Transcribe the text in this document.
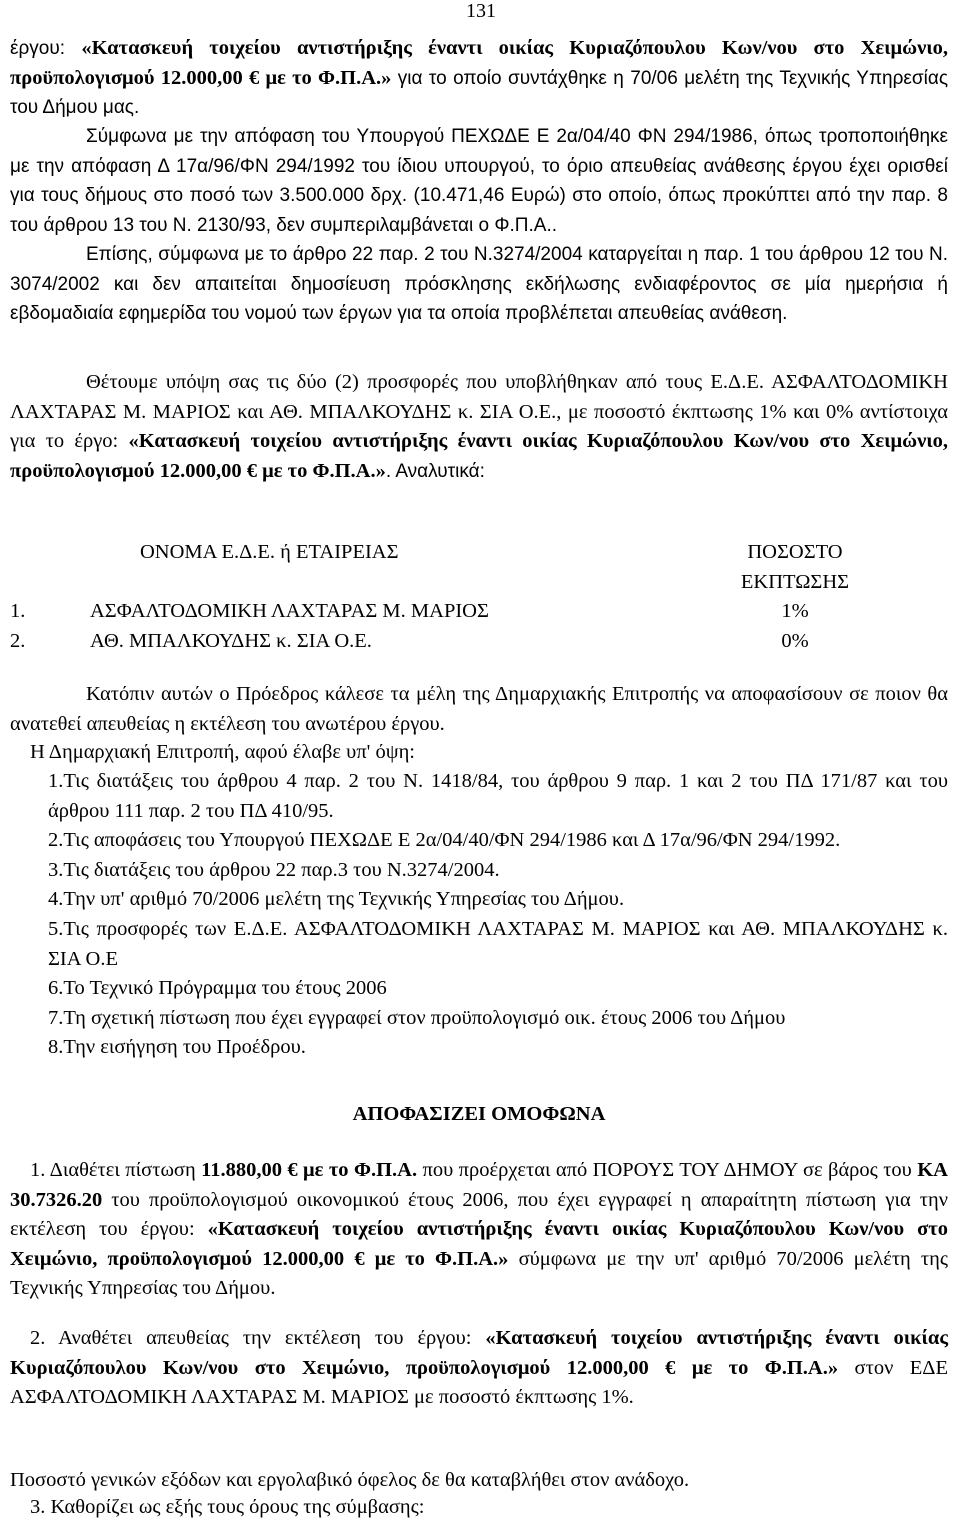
131
έργου: «Κατασκευή τοιχείου αντιστήριξης έναντι οικίας Κυριαζόπουλου Κων/νου στο Χειμώνιο, προϋπολογισμού 12.000,00 € με το Φ.Π.Α.» για το οποίο συντάχθηκε η 70/06 μελέτη της Τεχνικής Υπηρεσίας του Δήμου μας.
Σύμφωνα με την απόφαση του Υπουργού ΠΕΧΩΔΕ Ε 2α/04/40 ΦΝ 294/1986, όπως τροποποιήθηκε με την απόφαση Δ 17α/96/ΦΝ 294/1992 του ίδιου υπουργού, το όριο απευθείας ανάθεσης έργου έχει ορισθεί για τους δήμους στο ποσό των 3.500.000 δρχ. (10.471,46 Ευρώ) στο οποίο, όπως προκύπτει από την παρ. 8 του άρθρου 13 του Ν. 2130/93, δεν συμπεριλαμβάνεται ο Φ.Π.Α..
Επίσης, σύμφωνα με το άρθρο 22 παρ. 2 του Ν.3274/2004 καταργείται η παρ. 1 του άρθρου 12 του Ν. 3074/2002 και δεν απαιτείται δημοσίευση πρόσκλησης εκδήλωσης ενδιαφέροντος σε μία ημερήσια ή εβδομαδιαία εφημερίδα του νομού των έργων για τα οποία προβλέπεται απευθείας ανάθεση.
Θέτουμε υπόψη σας τις δύο (2) προσφορές που υποβλήθηκαν από τους Ε.Δ.Ε. ΑΣΦΑΛΤΟΔΟΜΙΚΗ ΛΑΧΤΑΡΑΣ Μ. ΜΑΡΙΟΣ και ΑΘ. ΜΠΑΛΚΟΥΔΗΣ κ. ΣΙΑ Ο.Ε., με ποσοστό έκπτωσης 1% και 0% αντίστοιχα για το έργο: «Κατασκευή τοιχείου αντιστήριξης έναντι οικίας Κυριαζόπουλου Κων/νου στο Χειμώνιο, προϋπολογισμού 12.000,00 € με το Φ.Π.Α.». Αναλυτικά:
	ΟΝΟΜΑ Ε.Δ.Ε. ή ΕΤΑΙΡΕΙΑΣ	ΠΟΣΟΣΤΟ ΕΚΠΤΩΣΗΣ
1.	ΑΣΦΑΛΤΟΔΟΜΙΚΗ ΛΑΧΤΑΡΑΣ Μ. ΜΑΡΙΟΣ	1%
2.	ΑΘ. ΜΠΑΛΚΟΥΔΗΣ κ. ΣΙΑ Ο.Ε.	0%
Κατόπιν αυτών ο Πρόεδρος κάλεσε τα μέλη της Δημαρχιακής Επιτροπής να αποφασίσουν σε ποιον θα ανατεθεί απευθείας η εκτέλεση του ανωτέρου έργου.
Η Δημαρχιακή Επιτροπή, αφού έλαβε υπ' όψη:
1.Τις διατάξεις του άρθρου 4 παρ. 2 του Ν. 1418/84, του άρθρου 9 παρ. 1 και 2 του ΠΔ 171/87 και του άρθρου 111 παρ. 2 του ΠΔ 410/95.
2.Τις αποφάσεις του Υπουργού ΠΕΧΩΔΕ Ε 2α/04/40/ΦΝ 294/1986 και Δ 17α/96/ΦΝ 294/1992.
3.Τις διατάξεις του άρθρου 22 παρ.3 του Ν.3274/2004.
4.Την υπ' αριθμό 70/2006 μελέτη της Τεχνικής Υπηρεσίας του Δήμου.
5.Τις προσφορές των Ε.Δ.Ε. ΑΣΦΑΛΤΟΔΟΜΙΚΗ ΛΑΧΤΑΡΑΣ Μ. ΜΑΡΙΟΣ και ΑΘ. ΜΠΑΛΚΟΥΔΗΣ κ. ΣΙΑ Ο.Ε
6.Το Τεχνικό Πρόγραμμα του έτους 2006
7.Τη σχετική πίστωση που έχει εγγραφεί στον προϋπολογισμό οικ. έτους 2006 του Δήμου
8.Την εισήγηση του Προέδρου.
ΑΠΟΦΑΣΙΖΕΙ ΟΜΟΦΩΝΑ
1. Διαθέτει πίστωση 11.880,00 € με το Φ.Π.Α. που προέρχεται από ΠΟΡΟΥΣ ΤΟΥ ΔΗΜΟΥ σε βάρος του ΚΑ 30.7326.20 του προϋπολογισμού οικονομικού έτους 2006, που έχει εγγραφεί η απαραίτητη πίστωση για την εκτέλεση του έργου: «Κατασκευή τοιχείου αντιστήριξης έναντι οικίας Κυριαζόπουλου Κων/νου στο Χειμώνιο, προϋπολογισμού 12.000,00 € με το Φ.Π.Α.» σύμφωνα με την υπ' αριθμό 70/2006 μελέτη της Τεχνικής Υπηρεσίας του Δήμου.
2. Αναθέτει απευθείας την εκτέλεση του έργου: «Κατασκευή τοιχείου αντιστήριξης έναντι οικίας Κυριαζόπουλου Κων/νου στο Χειμώνιο, προϋπολογισμού 12.000,00 € με το Φ.Π.Α.» στον ΕΔΕ ΑΣΦΑΛΤΟΔΟΜΙΚΗ ΛΑΧΤΑΡΑΣ Μ. ΜΑΡΙΟΣ με ποσοστό έκπτωσης 1%.
Ποσοστό γενικών εξόδων και εργολαβικό όφελος δε θα καταβλήθει στον ανάδοχο.
3. Καθορίζει ως εξής τους όρους της σύμβασης:
